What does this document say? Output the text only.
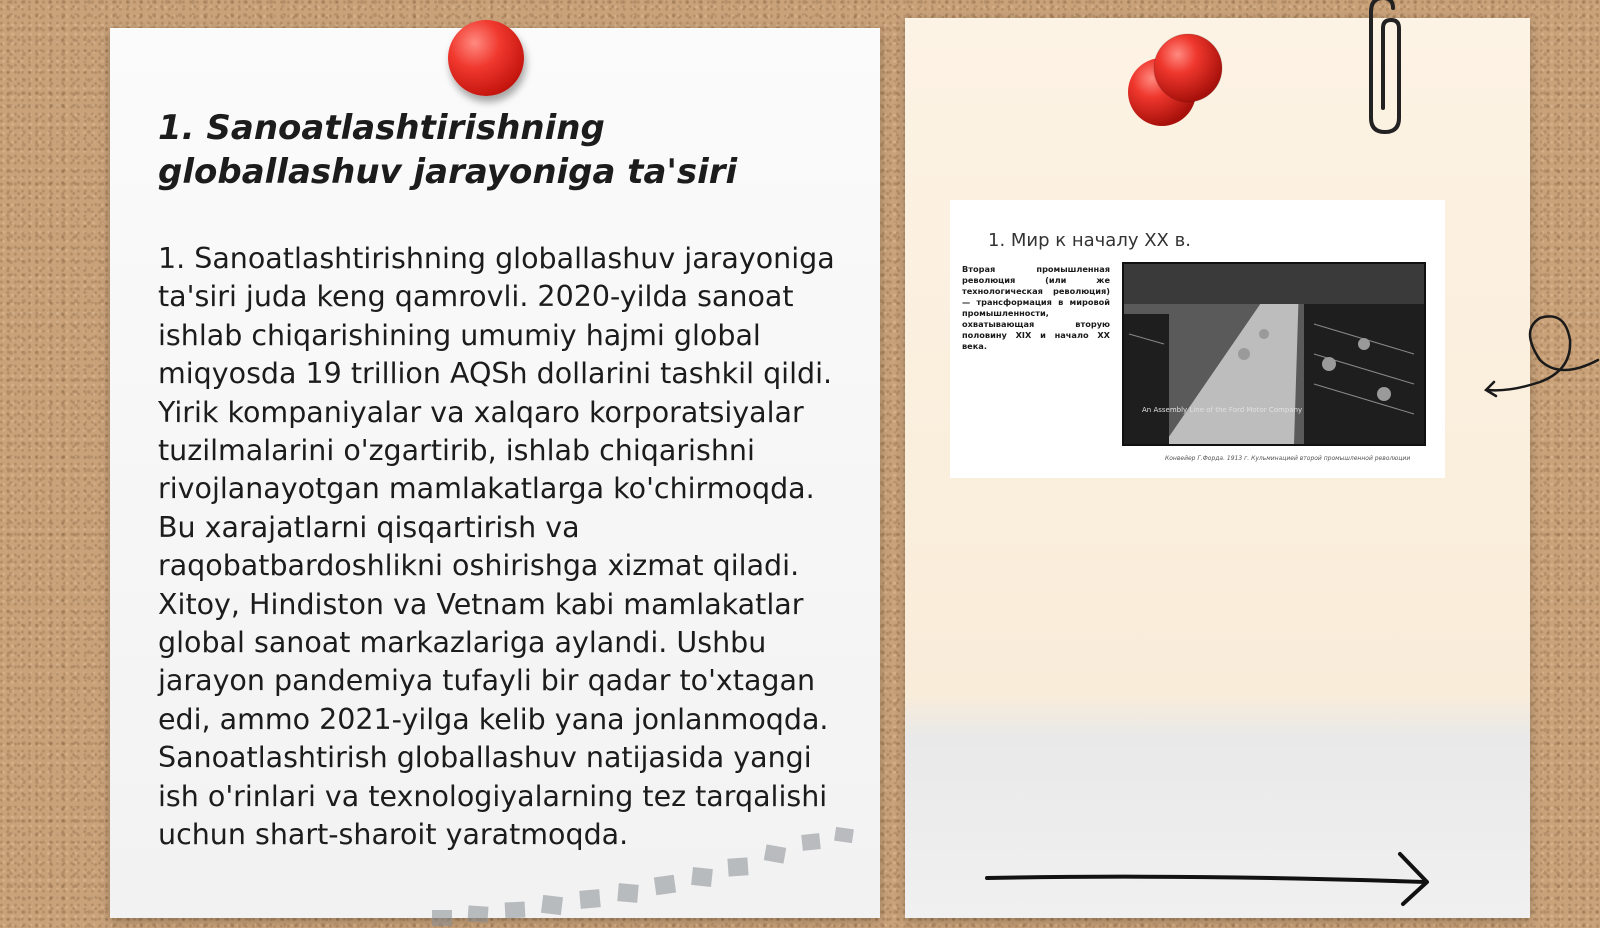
1. Sanoatlashtirishning globallashuv jarayoniga ta'siri

1. Sanoatlashtirishning globallashuv jarayoniga ta'siri juda keng qamrovli. 2020-yilda sanoat ishlab chiqarishining umumiy hajmi global miqyosda 19 trillion AQSh dollarini tashkil qildi. Yirik kompaniyalar va xalqaro korporatsiyalar tuzilmalarini o'zgartirib, ishlab chiqarishni rivojlanayotgan mamlakatlarga ko'chirmoqda. Bu xarajatlarni qisqartirish va raqobatbardoshlikni oshirishga xizmat qiladi. Xitoy, Hindiston va Vetnam kabi mamlakatlar global sanoat markazlariga aylandi. Ushbu jarayon pandemiya tufayli bir qadar to'xtagan edi, ammo 2021-yilga kelib yana jonlanmoqda. Sanoatlashtirish globallashuv natijasida yangi ish o'rinlari va texnologiyalarning tez tarqalishi uchun shart-sharoit yaratmoqda.

1. Мир к началу XX в.

Вторая промышленная революция (или же технологическая революция) — трансформация в мировой промышленности, охватывающая вторую половину XIX и начало XX века.

An Assembly Line of the Ford Motor Company

Конвейер Г.Форда. 1913 г. Кульминацией второй промышленной революции
